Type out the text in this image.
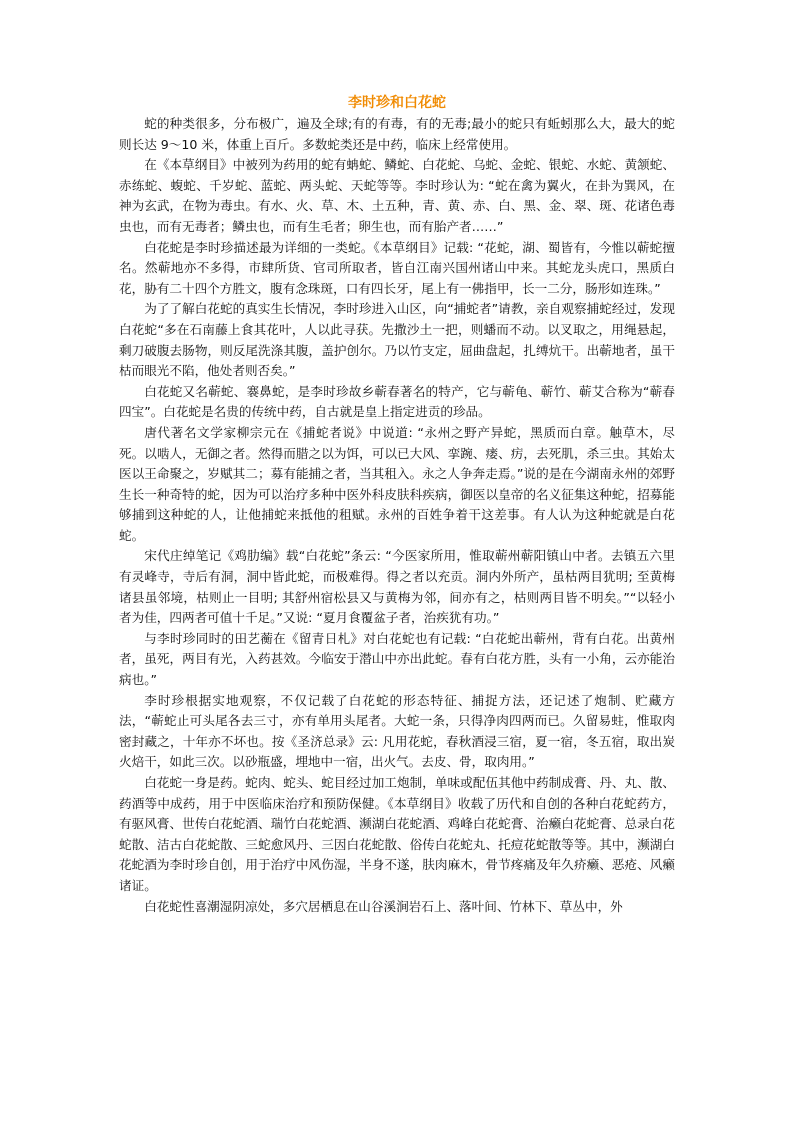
李时珍和白花蛇

蛇的种类很多，分布极广，遍及全球;有的有毒，有的无毒;最小的蛇只有蚯蚓那么大，最大的蛇则长达 9～10 米，体重上百斤。多数蛇类还是中药，临床上经常使用。

在《本草纲目》中被列为药用的蛇有蚺蛇、鳞蛇、白花蛇、乌蛇、金蛇、银蛇、水蛇、黄颔蛇、赤练蛇、蝮蛇、千岁蛇、蓝蛇、两头蛇、天蛇等等。李时珍认为: “蛇在禽为翼火，在卦为巽风，在神为玄武，在物为毒虫。有水、火、草、木、土五种，青、黄、赤、白、黑、金、翠、斑、花诸色毒虫也，而有无毒者；鳞虫也，而有生毛者；卵生也，而有胎产者……”

白花蛇是李时珍描述最为详细的一类蛇。《本草纲目》记载: “花蛇，湖、蜀皆有，今惟以蕲蛇擅名。然蕲地亦不多得，市肆所货、官司所取者，皆自江南兴国州诸山中来。其蛇龙头虎口，黑质白花，胁有二十四个方胜文，腹有念珠斑，口有四长牙，尾上有一佛指甲，长一二分，肠形如连珠。”

为了了解白花蛇的真实生长情况，李时珍进入山区，向“捕蛇者”请教，亲自观察捕蛇经过，发现白花蛇“多在石南藤上食其花叶，人以此寻获。先撒沙土一把，则蟠而不动。以叉取之，用绳悬起，剩刀破腹去肠物，则反尾洗涤其腹，盖护创尔。乃以竹支定，屈曲盘起，扎缚炕干。出蕲地者，虽干枯而眼光不陷，他处者则否矣。”

白花蛇又名蕲蛇、褰鼻蛇，是李时珍故乡蕲春著名的特产，它与蕲龟、蕲竹、蕲艾合称为“蕲春四宝”。白花蛇是名贵的传统中药，自古就是皇上指定进贡的珍品。

唐代著名文学家柳宗元在《捕蛇者说》中说道: “永州之野产异蛇，黑质而白章。触草木，尽死。以啮人，无御之者。然得而腊之以为饵，可以已大风、挛踠、瘘、疠，去死肌，杀三虫。其始太医以王命聚之，岁赋其二；募有能捕之者，当其租入。永之人争奔走焉。”说的是在今湖南永州的郊野生长一种奇特的蛇，因为可以治疗多种中医外科皮肤科疾病，御医以皇帝的名义征集这种蛇，招募能够捕到这种蛇的人，让他捕蛇来抵他的租赋。永州的百姓争着干这差事。有人认为这种蛇就是白花蛇。

宋代庄绰笔记《鸡肋编》载“白花蛇”条云: “今医家所用，惟取蕲州蕲阳镇山中者。去镇五六里有灵峰寺，寺后有洞，洞中皆此蛇，而极难得。得之者以充贡。洞内外所产，虽枯两目犹明; 至黄梅诸县虽邻境，枯则止一目明; 其舒州宿松县又与黄梅为邻，间亦有之，枯则两目皆不明矣。”“以轻小者为佳，四两者可值十千足。”又说: “夏月食覆盆子者，治疾犹有功。”

与李时珍同时的田艺蘅在《留青日札》对白花蛇也有记载: “白花蛇出蕲州，背有白花。出黄州者，虽死，两目有光，入药甚效。今临安于潜山中亦出此蛇。春有白花方胜，头有一小角，云亦能治病也。”

李时珍根据实地观察，不仅记载了白花蛇的形态特征、捕捉方法，还记述了炮制、贮藏方法，“蕲蛇止可头尾各去三寸，亦有单用头尾者。大蛇一条，只得净肉四两而已。久留易蛀，惟取肉密封藏之，十年亦不坏也。按《圣济总录》云: 凡用花蛇，春秋酒浸三宿，夏一宿，冬五宿，取出炭火焙干，如此三次。以砂瓶盛，埋地中一宿，出火气。去皮、骨，取肉用。”

白花蛇一身是药。蛇肉、蛇头、蛇目经过加工炮制，单味或配伍其他中药制成膏、丹、丸、散、药酒等中成药，用于中医临床治疗和预防保健。《本草纲目》收载了历代和自创的各种白花蛇药方，有驱风膏、世传白花蛇酒、瑞竹白花蛇酒、濒湖白花蛇酒、鸡峰白花蛇膏、治癞白花蛇膏、总录白花蛇散、洁古白花蛇散、三蛇愈风丹、三因白花蛇散、俗传白花蛇丸、托痘花蛇散等等。其中，濒湖白花蛇酒为李时珍自创，用于治疗中风伤湿，半身不遂，肤肉麻木，骨节疼痛及年久疥癞、恶疮、风癞诸证。

白花蛇性喜潮湿阴凉处，多穴居栖息在山谷溪涧岩石上、落叶间、竹林下、草丛中，外
